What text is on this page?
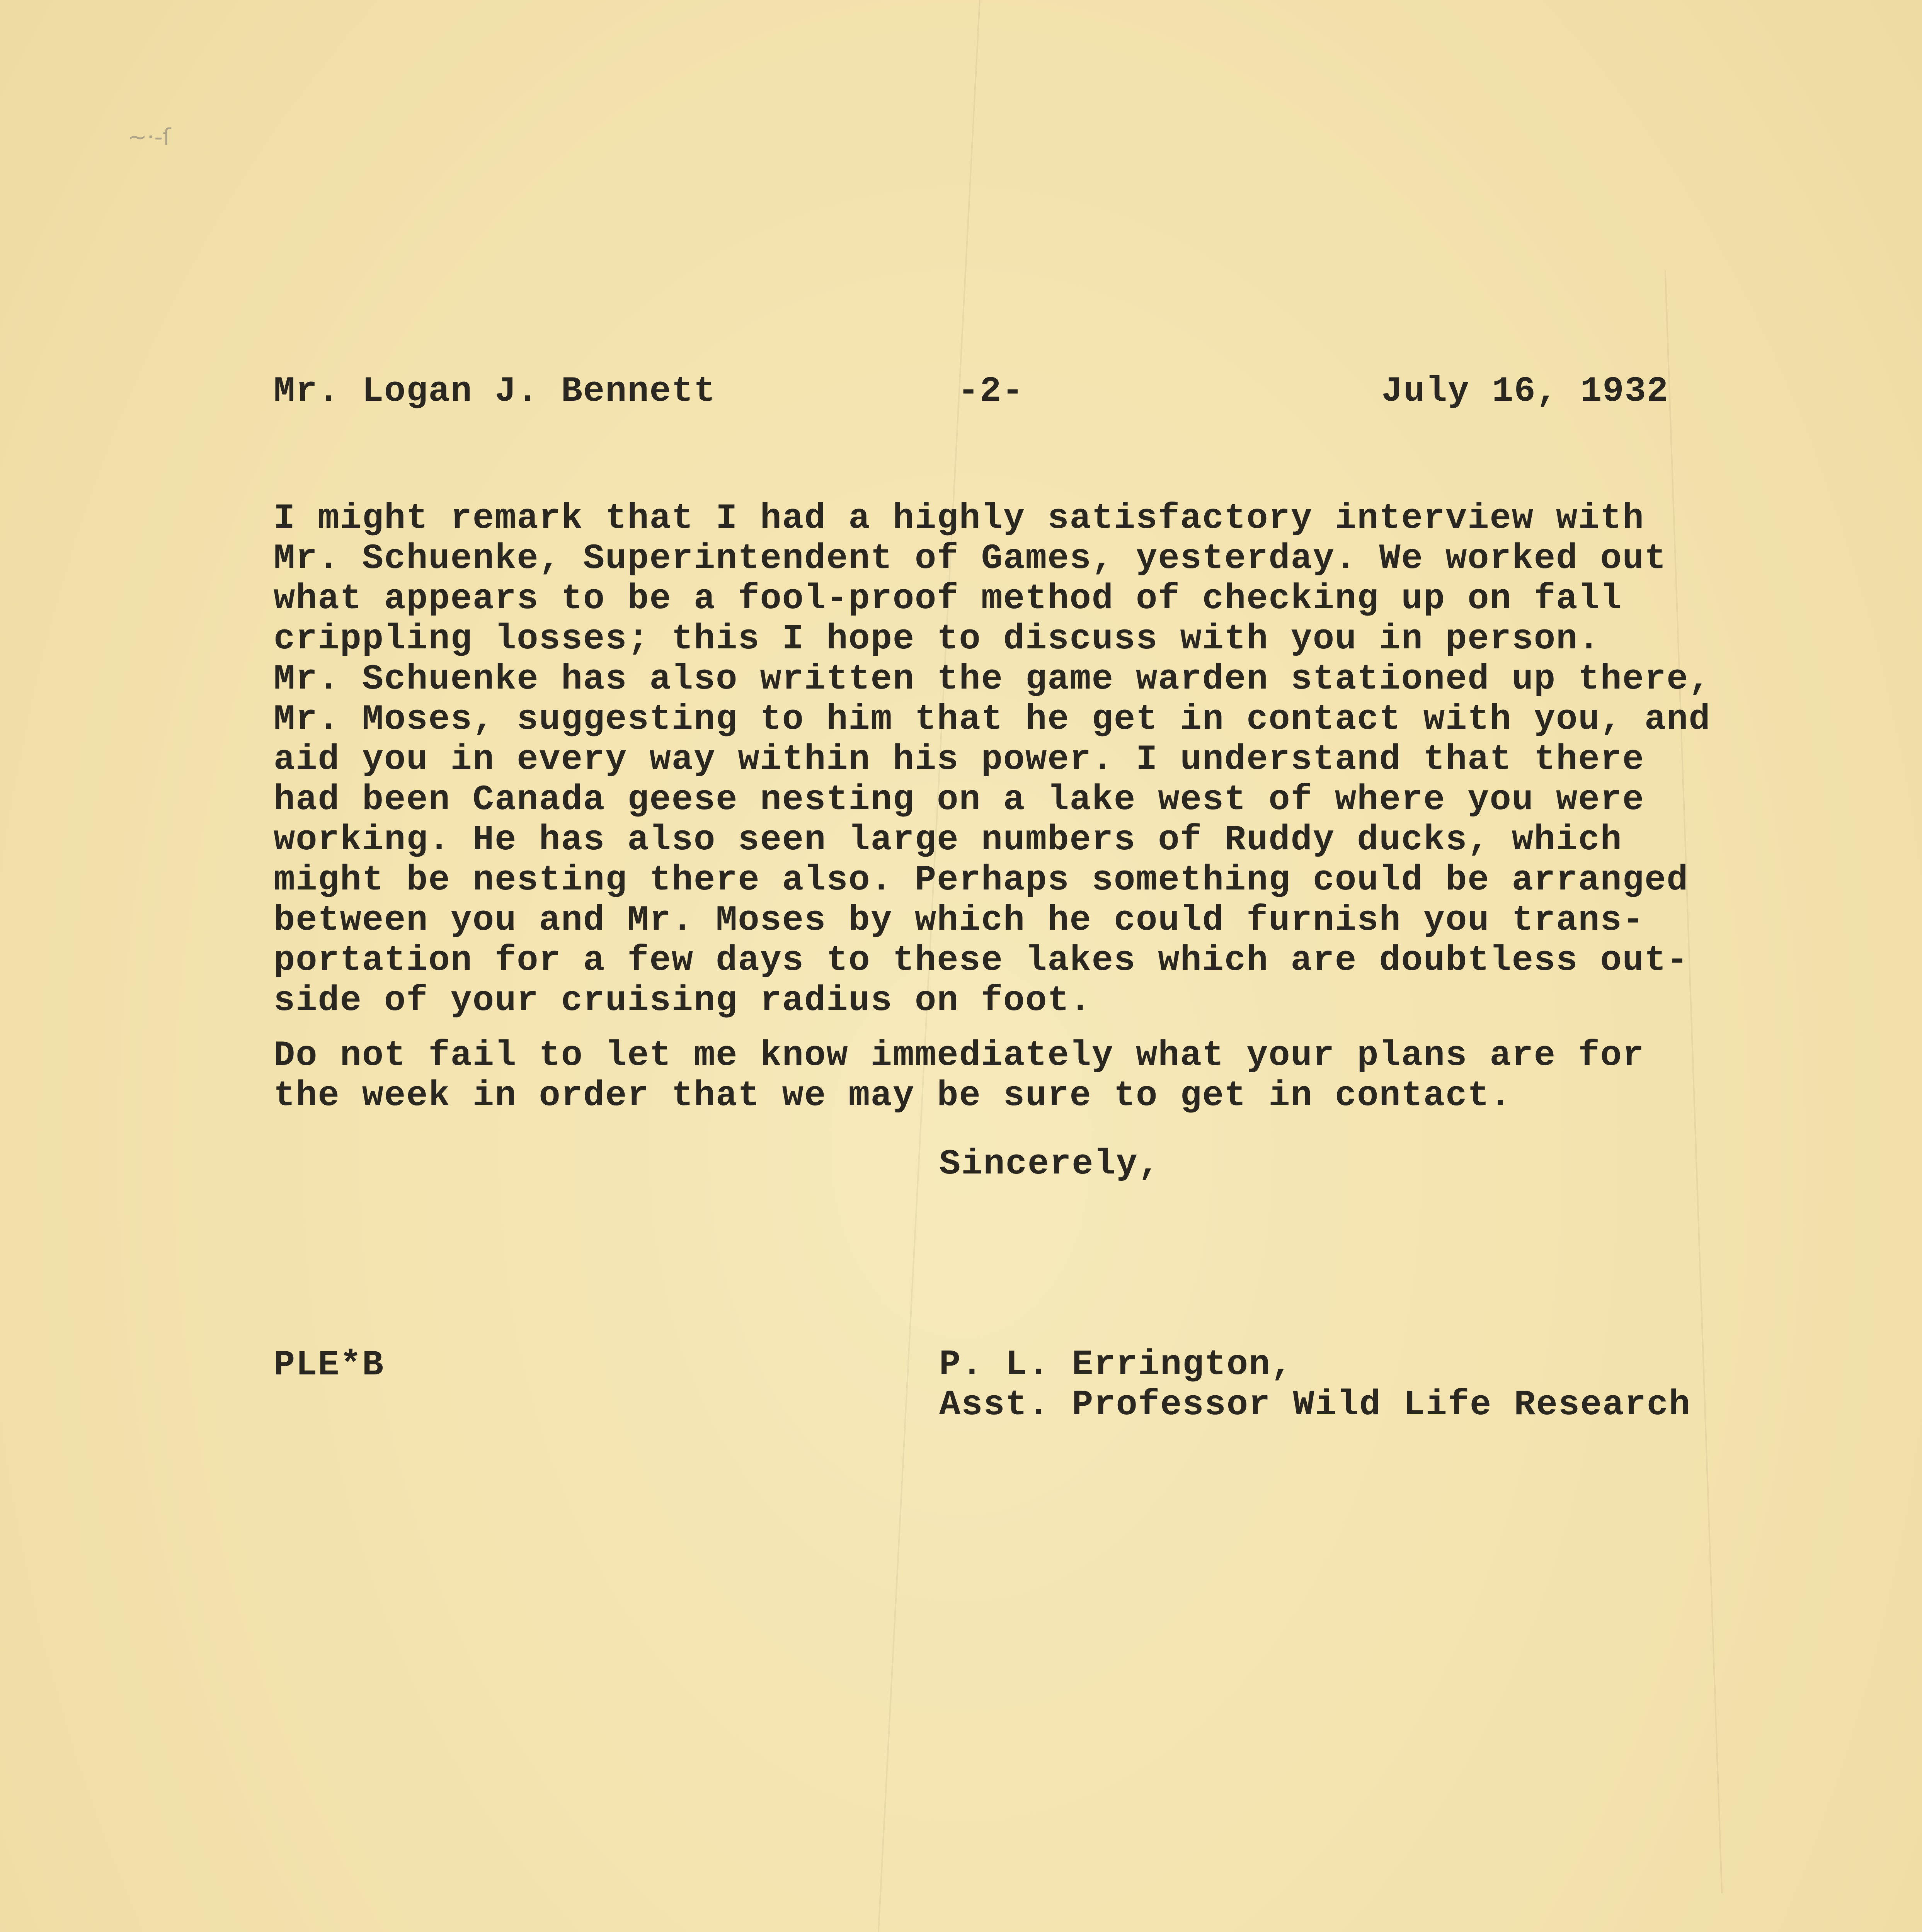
~·-ſ
Mr. Logan J. Bennett	-2-	July 16, 1932

I might remark that I had a highly satisfactory interview with
Mr. Schuenke, Superintendent of Games, yesterday. We worked out
what appears to be a fool-proof method of checking up on fall
crippling losses; this I hope to discuss with you in person.
Mr. Schuenke has also written the game warden stationed up there,
Mr. Moses, suggesting to him that he get in contact with you, and
aid you in every way within his power. I understand that there
had been Canada geese nesting on a lake west of where you were
working. He has also seen large numbers of Ruddy ducks, which
might be nesting there also. Perhaps something could be arranged
between you and Mr. Moses by which he could furnish you trans-
portation for a few days to these lakes which are doubtless out-
side of your cruising radius on foot.

Do not fail to let me know immediately what your plans are for
the week in order that we may be sure to get in contact.

Sincerely,
PLE*B	P. L. Errington,
Asst. Professor Wild Life Research
